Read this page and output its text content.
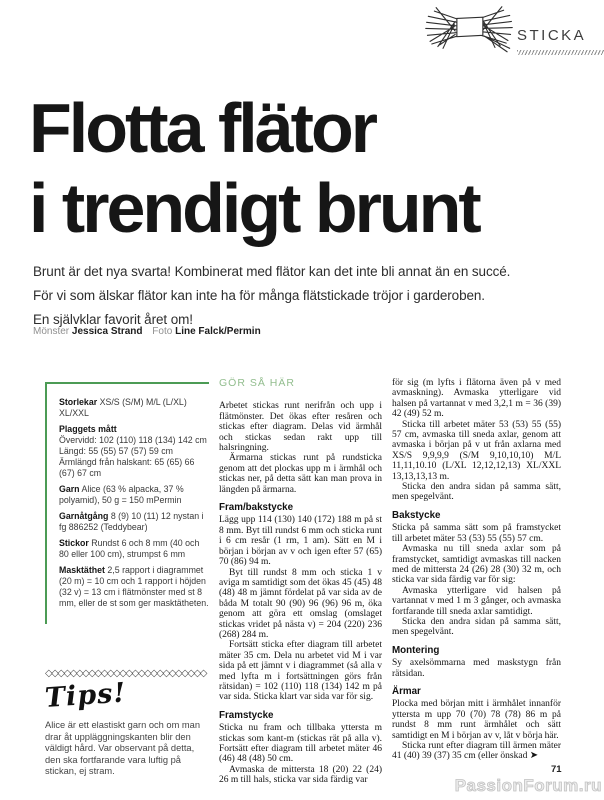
STICKA
Flotta flätor
i trendigt brunt
Brunt är det nya svarta! Kombinerat med flätor kan det inte bli annat än en succé.
För vi som älskar flätor kan inte ha för många flätstickade tröjor i garderoben.
En självklar favorit året om!
Mönster Jessica Strand Foto Line Falck/Permin

Storlekar XS/S (S/M) M/L (L/XL) XL/XXL

Plaggets mått
Övervidd: 102 (110) 118 (134) 142 cm
Längd: 55 (55) 57 (57) 59 cm
Ärmlängd från halskant: 65 (65) 66 (67) 67 cm

Garn Alice (63 % alpacka, 37 % polyamid), 50 g = 150 mPermin

Garnåtgång 8 (9) 10 (11) 12 nystan i fg 886252 (Teddybear)

Stickor Rundst 6 och 8 mm (40 och 80 eller 100 cm), strumpst 6 mm

Masktäthet 2,5 rapport i diagrammet (20 m) = 10 cm och 1 rapport i höjden (32 v) = 13 cm i flätmönster med st 8 mm, eller de st som ger masktätheten.

GÖR SÅ HÄR

Arbetet stickas runt nerifrån och upp i flätmönster. Det ökas efter resåren och stickas efter diagram. Delas vid ärmhål och stickas sedan rakt upp till halsringning.

Ärmarna stickas runt på rundsticka genom att det plockas upp m i ärmhål och stickas ner, på detta sätt kan man prova in längden på ärmarna.

Fram/bakstycke

Lägg upp 114 (130) 140 (172) 188 m på st 8 mm. Byt till rundst 6 mm och sticka runt i 6 cm resår (1 rm, 1 am). Sätt en M i början i början av v och igen efter 57 (65) 70 (86) 94 m.

Byt till rundst 8 mm och sticka 1 v aviga m samtidigt som det ökas 45 (45) 48 (48) 48 m jämnt fördelat på var sida av de båda M totalt 90 (90) 96 (96) 96 m, öka genom att göra ett omslag (omslaget stickas vridet på nästa v) = 204 (220) 236 (268) 284 m.

Fortsätt sticka efter diagram till arbetet mäter 35 cm. Dela nu arbetet vid M i var sida på ett jämnt v i diagrammet (så alla v med lyfta m i fortsättningen görs från rätsidan) = 102 (110) 118 (134) 142 m på var sida. Sticka klart var sida var för sig.

Framstycke

Sticka nu fram och tillbaka yttersta m stickas som kant-m (stickas rät på alla v). Fortsätt efter diagram till arbetet mäter 46 (46) 48 (48) 50 cm.

Avmaska de mittersta 18 (20) 22 (24) 26 m till hals, sticka var sida färdig var

för sig (m lyfts i flätorna även på v med avmaskning). Avmaska ytterligare vid halsen på vartannat v med 3,2,1 m = 36 (39) 42 (49) 52 m.

Sticka till arbetet mäter 53 (53) 55 (55) 57 cm, avmaska till sneda axlar, genom att avmaska i början på v ut från axlarna med XS/S 9,9,9,9 (S/M 9,10,10,10) M/L 11,11,10.10 (L/XL 12,12,12,13) XL/XXL 13,13,13,13 m.

Sticka den andra sidan på samma sätt, men spegelvänt.

Bakstycke

Sticka på samma sätt som på framstycket till arbetet mäter 53 (53) 55 (55) 57 cm.

Avmaska nu till sneda axlar som på framstycket, samtidigt avmaskas till nacken med de mittersta 24 (26) 28 (30) 32 m, och sticka var sida färdig var för sig:

Avmaska ytterligare vid halsen på vartannat v med 1 m 3 gånger, och avmaska fortfarande till sneda axlar samtidigt.

Sticka den andra sidan på samma sätt, men spegelvänt.

Montering

Sy axelsömmarna med maskstygn från rätsidan.

Ärmar

Plocka med början mitt i ärmhålet innanför yttersta m upp 70 (70) 78 (78) 86 m på rundst 8 mm runt ärmhålet och sätt samtidigt en M i början av v, låt v börja här.

Sticka runt efter diagram till ärmen mäter 41 (40) 39 (37) 35 cm (eller önskad ➤

◇◇◇◇◇◇◇◇◇◇◇◇◇◇◇◇◇◇◇◇◇◇◇◇◇◇
Tips!
Alice är ett elastiskt garn och om man drar åt uppläggningskanten blir den väldigt hård. Var observant på detta, den ska fortfarande vara luftig på stickan, ej stram.	71
PassionForum.ru
